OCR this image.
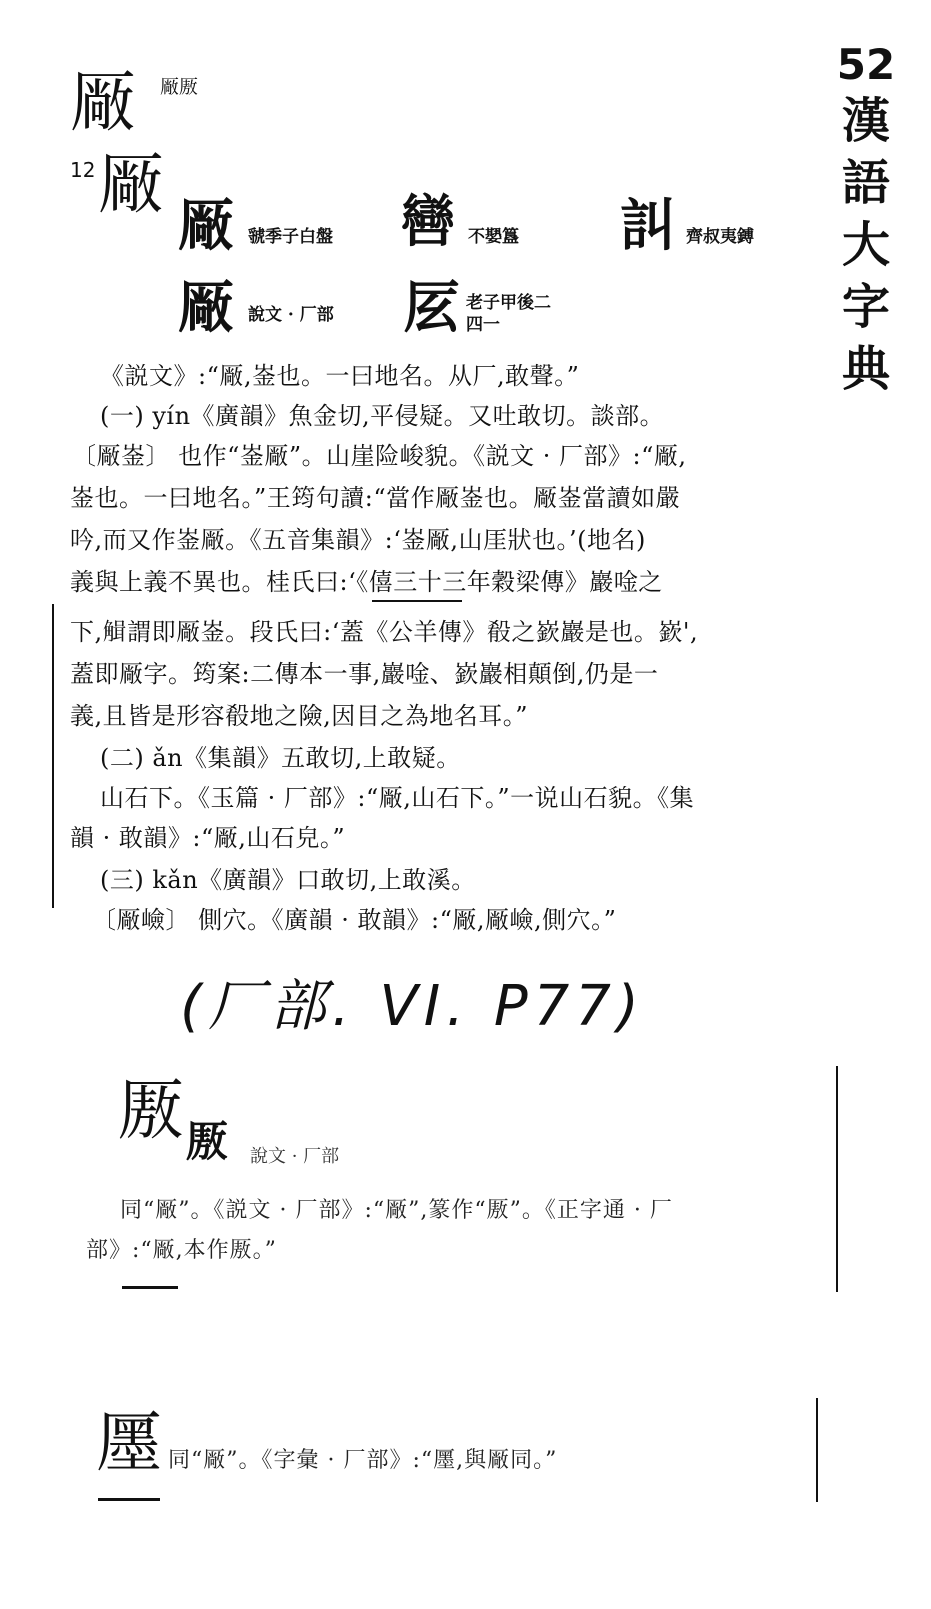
52
漢
語
大
字
典
厰 厰厫
12 厰
厰 虢季子白盤 㘘 不𡢁簋 訆 齊叔夷鎛
厰 說文 · 厂部 㕄 老子甲後二
四一
《説文》:“厰,崟也。一曰地名。从厂,敢聲。”
(一) yín《廣韻》魚金切,平侵疑。又吐敢切。談部。
〔厰崟〕 也作“崟厰”。山崖险峻貌。《説文 · 厂部》:“厰,
崟也。一曰地名。”王筠句讀:“當作厰崟也。厰崟當讀如嚴
吟,而又作崟厰。《五音集韻》:‘崟厰,山厓狀也。’(地名)
義與上義不異也。桂氏曰:‘《僖三十三年穀梁傳》巖唫之
下,𧤏謂即厰崟。段氏曰:‘蓋《公羊傳》殽之嶔巖是也。嶔',
蓋即厰字。筠案:二傳本一事,巖唫、嶔巖相顛倒,仍是一
義,且皆是形容殽地之險,因目之為地名耳。”
(二) ǎn《集韻》五敢切,上敢疑。
山石下。《玉篇 · 厂部》:“厰,山石下。”一说山石貌。《集
韻 · 敢韻》:“厰,山石皃。”
(三) kǎn《廣韻》口敢切,上敢溪。
〔厰嶮〕 側穴。《廣韻 · 敢韻》:“厰,厰嶮,側穴。”
(厂部. VI. P77)
厫 厫 說文 · 厂部
同“厰”。《説文 · 厂部》:“厰”,篆作“厫”。《正字通 · 厂
部》:“厰,本作厫。”
㕓 同“厰”。《字彙 · 厂部》:“㕓,與厰同。”
